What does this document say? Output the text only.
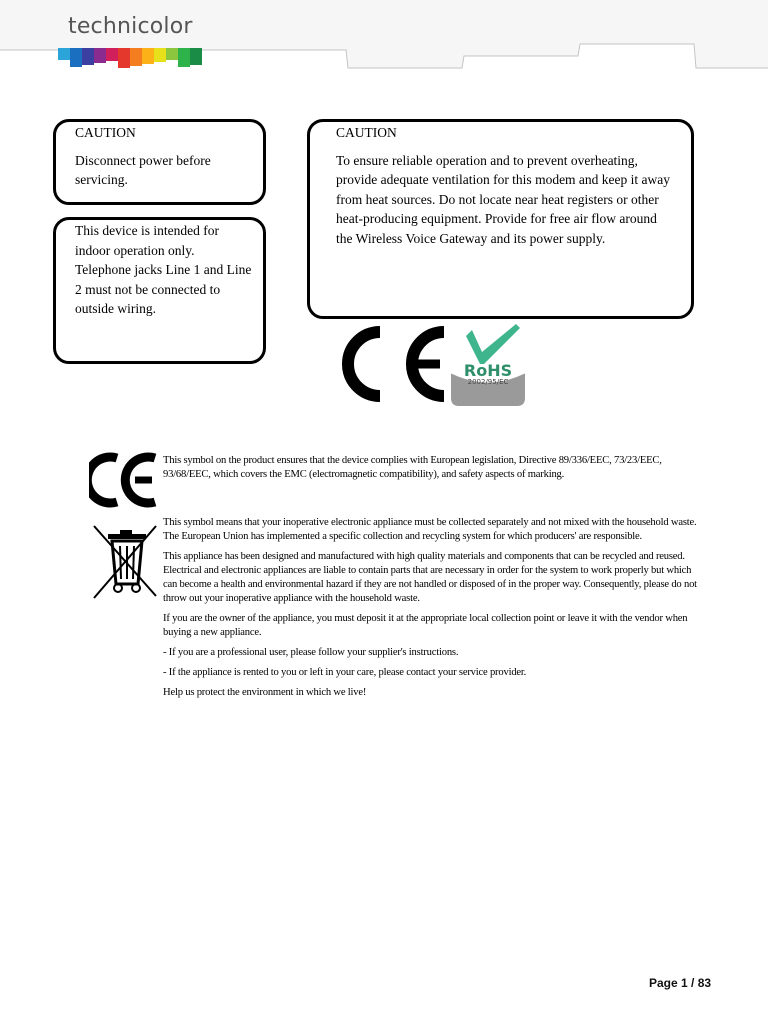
technicolor
CAUTION
Disconnect power before servicing.
This device is intended for indoor operation only. Telephone jacks Line 1 and Line 2 must not be connected to outside wiring.
CAUTION
To ensure reliable operation and to prevent overheating, provide adequate ventilation for this modem and keep it away from heat sources. Do not locate near heat registers or other heat-producing equipment. Provide for free air flow around the Wireless Voice Gateway and its power supply.
RoHS
2002/95/EC
This symbol on the product ensures that the device complies with European legislation, Directive 89/336/EEC, 73/23/EEC, 93/68/EEC, which covers the EMC (electromagnetic compatibility), and safety aspects of marking.

This symbol means that your inoperative electronic appliance must be collected separately and not mixed with the household waste. The European Union has implemented a specific collection and recycling system for which producers' are responsible.

This appliance has been designed and manufactured with high quality materials and components that can be recycled and reused. Electrical and electronic appliances are liable to contain parts that are necessary in order for the system to work properly but which can become a health and environmental hazard if they are not handled or disposed of in the proper way. Consequently, please do not throw out your inoperative appliance with the household waste.

If you are the owner of the appliance, you must deposit it at the appropriate local collection point or leave it with the vendor when buying a new appliance.

- If you are a professional user, please follow your supplier's instructions.

- If the appliance is rented to you or left in your care, please contact your service provider.

Help us protect the environment in which we live!

Page 1 / 83
